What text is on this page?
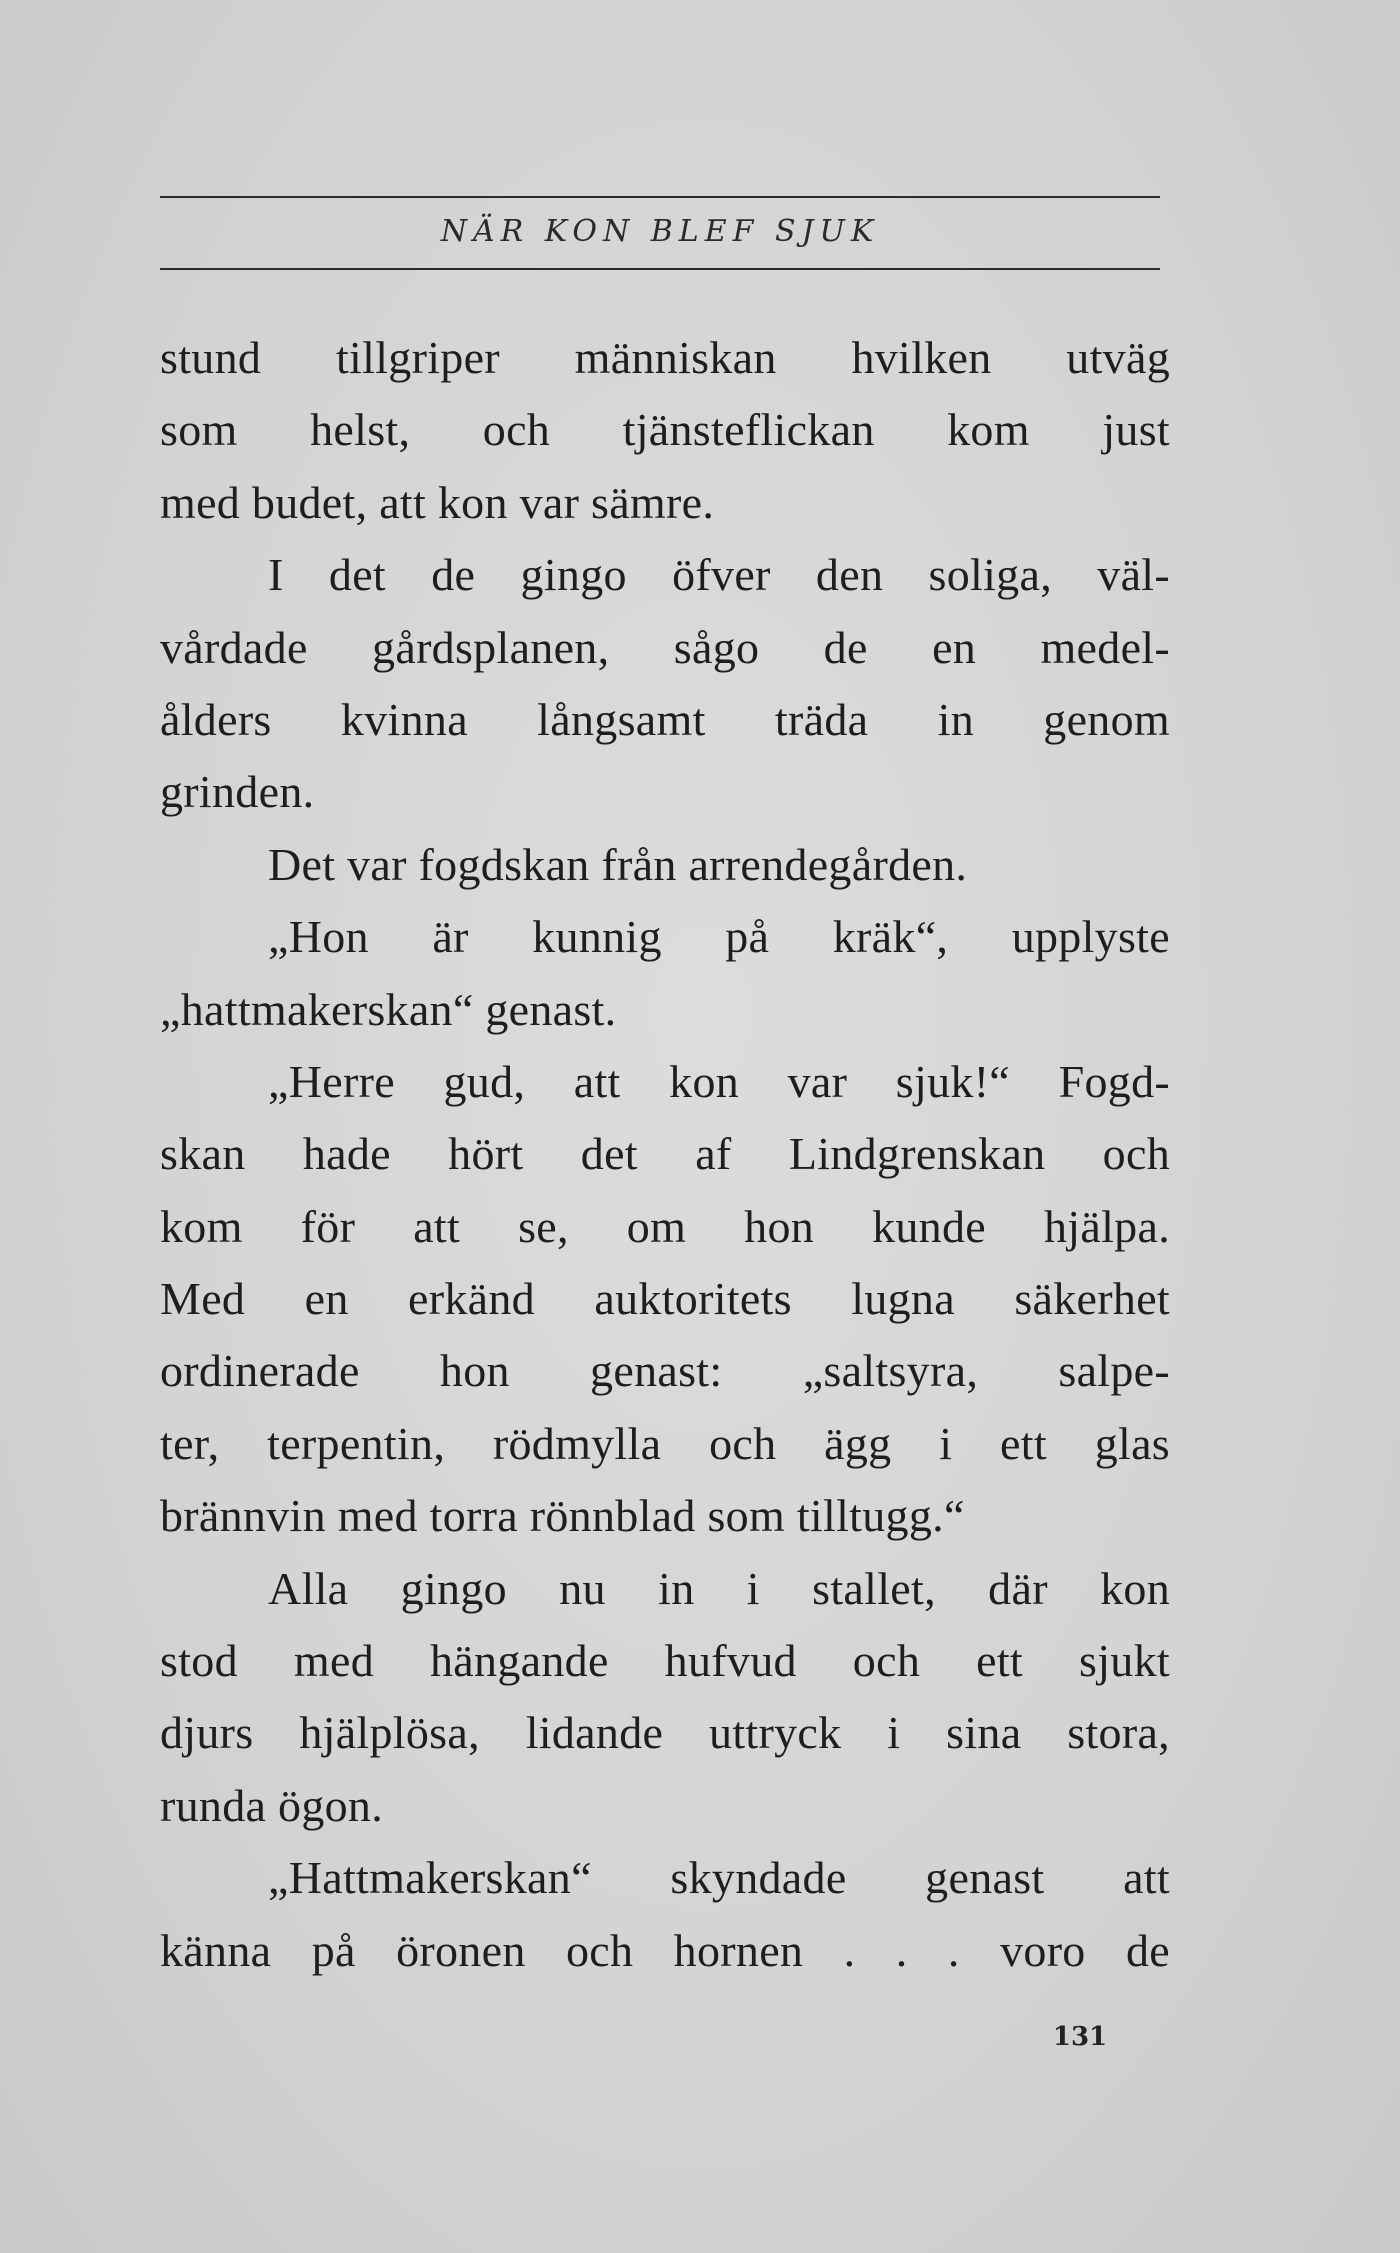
NÄR KON BLEF SJUK
stund tillgriper människan hvilken utväg
som helst, och tjänsteflickan kom just
med budet, att kon var sämre.
I det de gingo öfver den soliga, väl-
vårdade gårdsplanen, sågo de en medel-
ålders kvinna långsamt träda in genom
grinden.
Det var fogdskan från arrendegården.
„Hon är kunnig på kräk“, upplyste
„hattmakerskan“ genast.
„Herre gud, att kon var sjuk!“ Fogd-
skan hade hört det af Lindgrenskan och
kom för att se, om hon kunde hjälpa.
Med en erkänd auktoritets lugna säkerhet
ordinerade hon genast: „saltsyra, salpe-
ter, terpentin, rödmylla och ägg i ett glas
brännvin med torra rönnblad som tilltugg.“
Alla gingo nu in i stallet, där kon
stod med hängande hufvud och ett sjukt
djurs hjälplösa, lidande uttryck i sina stora,
runda ögon.
„Hattmakerskan“ skyndade genast att
känna på öronen och hornen . . . voro de
131
